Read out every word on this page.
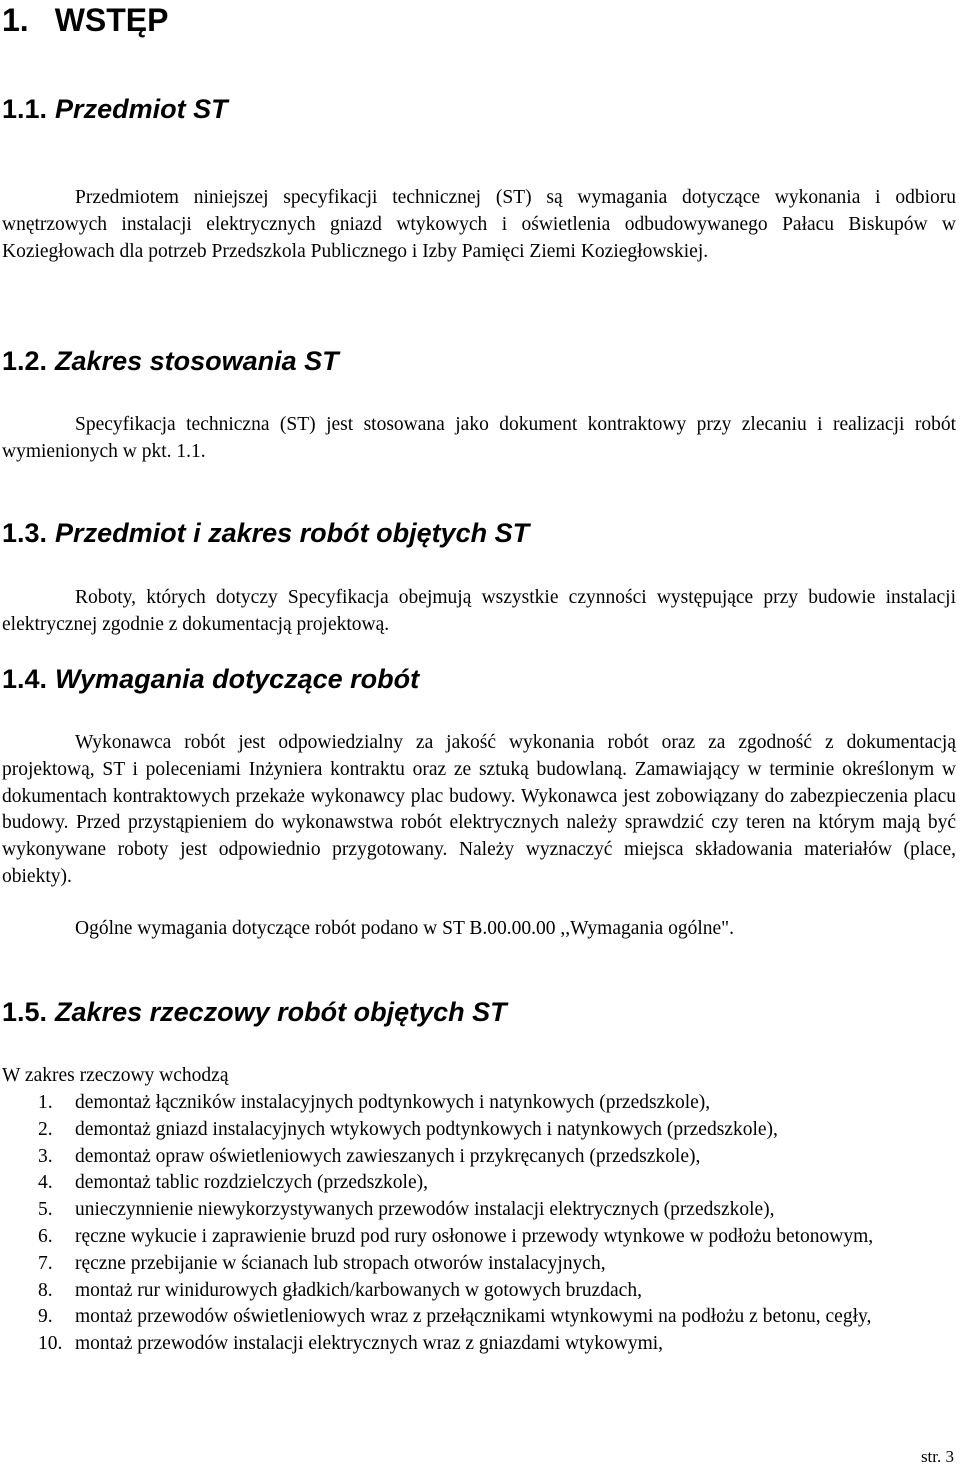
1. WSTĘP
1.1. Przedmiot ST

Przedmiotem niniejszej specyfikacji technicznej (ST) są wymagania dotyczące wykonania i odbioru wnętrzowych instalacji elektrycznych gniazd wtykowych i oświetlenia odbudowywanego Pałacu Biskupów w Koziegłowach dla potrzeb Przedszkola Publicznego i Izby Pamięci Ziemi Koziegłowskiej.

1.2. Zakres stosowania ST

Specyfikacja techniczna (ST) jest stosowana jako dokument kontraktowy przy zlecaniu i realizacji robót wymienionych w pkt. 1.1.

1.3. Przedmiot i zakres robót objętych ST

Roboty, których dotyczy Specyfikacja obejmują wszystkie czynności występujące przy budowie instalacji elektrycznej zgodnie z dokumentacją projektową.

1.4. Wymagania dotyczące robót

Wykonawca robót jest odpowiedzialny za jakość wykonania robót oraz za zgodność z dokumentacją projektową, ST i poleceniami Inżyniera kontraktu oraz ze sztuką budowlaną. Zamawiający w terminie określonym w dokumentach kontraktowych przekaże wykonawcy plac budowy. Wykonawca jest zobowiązany do zabezpieczenia placu budowy. Przed przystąpieniem do wykonawstwa robót elektrycznych należy sprawdzić czy teren na którym mają być wykonywane roboty jest odpowiednio przygotowany. Należy wyznaczyć miejsca składowania materiałów (place, obiekty).

Ogólne wymagania dotyczące robót podano w ST B.00.00.00 ,,Wymagania ogólne".

1.5. Zakres rzeczowy robót objętych ST
W zakres rzeczowy wchodzą
1.	demontaż łączników instalacyjnych podtynkowych i natynkowych (przedszkole),
2.	demontaż gniazd instalacyjnych wtykowych podtynkowych i natynkowych (przedszkole),
3.	demontaż opraw oświetleniowych zawieszanych i przykręcanych (przedszkole),
4.	demontaż tablic rozdzielczych (przedszkole),
5.	unieczynnienie niewykorzystywanych przewodów instalacji elektrycznych (przedszkole),
6.	ręczne wykucie i zaprawienie bruzd pod rury osłonowe i przewody wtynkowe w podłożu betonowym,
7.	ręczne przebijanie w ścianach lub stropach otworów instalacyjnych,
8.	montaż rur winidurowych gładkich/karbowanych w gotowych bruzdach,
9.	montaż przewodów oświetleniowych wraz z przełącznikami wtynkowymi na podłożu z betonu, cegły,
10. montaż przewodów instalacji elektrycznych wraz z gniazdami wtykowymi,
str. 3
